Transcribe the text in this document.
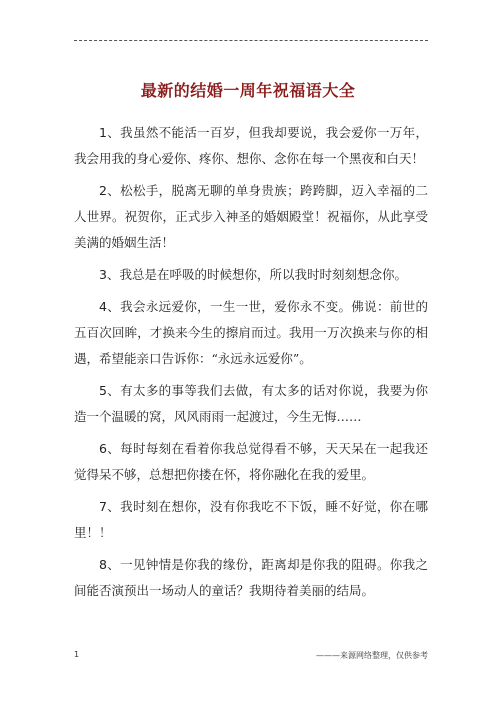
最新的结婚一周年祝福语大全

1、我虽然不能活一百岁，但我却要说，我会爱你一万年，我会用我的身心爱你、疼你、想你、念你在每一个黑夜和白天！

2、松松手，脱离无聊的单身贵族；跨跨脚，迈入幸福的二人世界。祝贺你，正式步入神圣的婚姻殿堂！祝福你，从此享受美满的婚姻生活！

3、我总是在呼吸的时候想你，所以我时时刻刻想念你。

4、我会永远爱你，一生一世，爱你永不变。佛说：前世的五百次回眸，才换来今生的擦肩而过。我用一万次换来与你的相遇，希望能亲口告诉你：“永远永远爱你”。

5、有太多的事等我们去做，有太多的话对你说，我要为你造一个温暖的窝，风风雨雨一起渡过，今生无悔……

6、每时每刻在看着你我总觉得看不够，天天呆在一起我还觉得呆不够，总想把你搂在怀，将你融化在我的爱里。

7、我时刻在想你，没有你我吃不下饭，睡不好觉，你在哪里！！

8、一见钟情是你我的缘份，距离却是你我的阻碍。你我之间能否演预出一场动人的童话？我期待着美丽的结局。

1	———来源网络整理，仅供参考
